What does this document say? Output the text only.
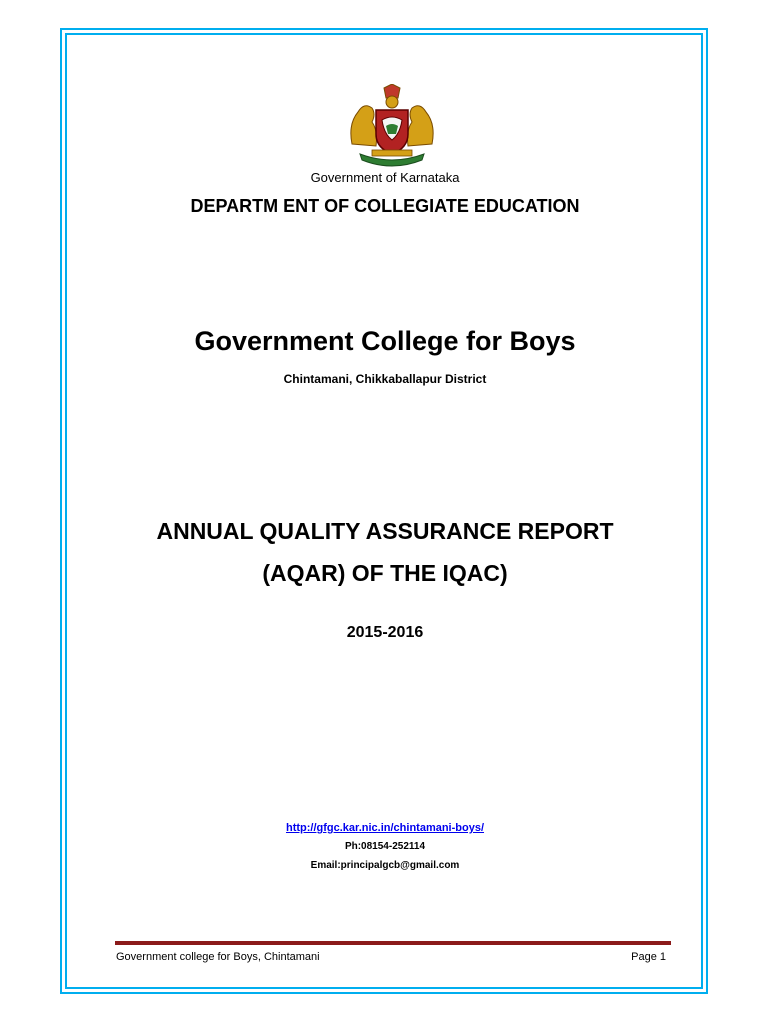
Government of Karnataka
DEPARTM ENT OF COLLEGIATE EDUCATION
Government College for Boys
Chintamani, Chikkaballapur District
ANNUAL QUALITY ASSURANCE REPORT
(AQAR) OF THE IQAC)
2015-2016
http://gfgc.kar.nic.in/chintamani-boys/
Ph:08154-252114
Email:principalgcb@gmail.com
Government college for Boys, Chintamani	Page 1
